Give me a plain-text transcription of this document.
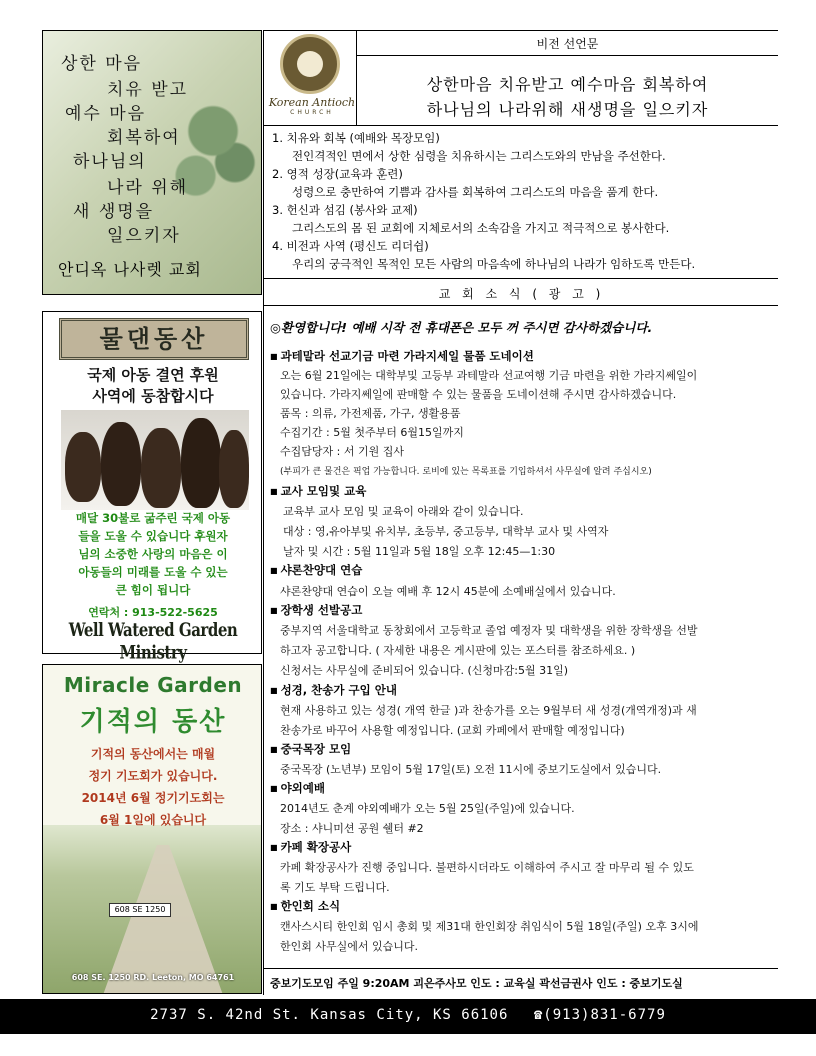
상한 마음
치유 받고
예수 마음
회복하여
하나님의
나라 위해
새 생명을
일으키자
안디옥 나사렛 교회
Korean Antioch
CHURCH
비전 선언문
상한마음 치유받고 예수마음 회복하여
하나님의 나라위해 새생명을 일으키자
1. 치유와 회복 (예배와 목장모임)
전인격적인 면에서 상한 심령을 치유하시는 그리스도와의 만남을 주선한다.
2. 영적 성장(교육과 훈련)
성령으로 충만하여 기쁨과 감사를 회복하여 그리스도의 마음을 품게 한다.
3. 헌신과 섬김 (봉사와 교제)
그리스도의 몸 된 교회에 지체로서의 소속감을 가지고 적극적으로 봉사한다.
4. 비전과 사역 (평신도 리더쉽)
우리의 궁극적인 목적인 모든 사람의 마음속에 하나님의 나라가 임하도록 만든다.
교 회 소 식 ( 광 고 )
◎환영합니다! 예배 시작 전 휴대폰은 모두 꺼 주시면 감사하겠습니다.
■ 과테말라 선교기금 마련 가라지세일 물품 도네이션
오는 6월 21일에는 대학부및 고등부 과테말라 선교여행 기금 마련을 위한 가라지쎄일이
있습니다. 가라지쎄일에 판매할 수 있는 물품을 도네이션해 주시면 감사하겠습니다.
품목 : 의류, 가전제품, 가구, 생활용품
수집기간 : 5월 첫주부터 6월15일까지
수집담당자 : 서 기원 집사
(부피가 큰 물건은 픽업 가능합니다. 로비에 있는 목록표를 기입하셔서 사무실에 알려 주십시오)
■ 교사 모임및 교육
교육부 교사 모임 및 교육이 아래와 같이 있습니다.
대상 : 영,유아부및 유치부, 초등부, 중고등부, 대학부 교사 및 사역자
날자 및 시간 : 5월 11일과 5월 18일 오후 12:45—1:30
■ 샤론찬양대 연습
샤론찬양대 연습이 오늘 예배 후 12시 45분에 소예배실에서 있습니다.
■ 장학생 선발공고
중부지역 서울대학교 동창회에서 고등학교 졸업 예정자 및 대학생을 위한 장학생을 선발
하고자 공고합니다. ( 자세한 내용은 게시판에 있는 포스터를 참조하세요. )
신청서는 사무실에 준비되어 있습니다. (신청마감:5월 31일)
■ 성경, 찬송가 구입 안내
현재 사용하고 있는 성경( 개역 한글 )과 찬송가를 오는 9월부터 새 성경(개역개정)과 새
찬송가로 바꾸어 사용할 예정입니다. (교회 카페에서 판매할 예정입니다)
■ 중국목장 모임
중국목장 (노년부) 모임이 5월 17일(토) 오전 11시에 중보기도실에서 있습니다.
■ 야외예배
2014년도 춘계 야외예배가 오는 5월 25일(주일)에 있습니다.
장소 : 샤니미션 공원 쉘터 #2
■ 카페 확장공사
카페 확장공사가 진행 중입니다. 불편하시더라도 이해하여 주시고 잘 마무리 될 수 있도
록 기도 부탁 드립니다.
■ 한인회 소식
캔사스시티 한인회 임시 총회 및 제31대 한인회장 취임식이 5월 18일(주일) 오후 3시에
한인회 사무실에서 있습니다.
중보기도모임 주일 9:20AM 괴은주사모 인도 : 교육실 곽선금권사 인도 : 중보기도실
물댄동산
국제 아동 결연 후원
사역에 동참합시다
매달 30불로 굶주린 국제 아동
들을 도울 수 있습니다 후원자
님의 소중한 사랑의 마음은 이
아동들의 미래를 도울 수 있는
큰 힘이 됩니다
연락처 : 913-522-5625
Well Watered Garden Ministry
Miracle Garden
기적의 동산
기적의 동산에서는 매월
정기 기도회가 있습니다.
2014년 6월 정기기도회는
6월 1일에 있습니다
608 SE 1250
608 SE. 1250 RD. Leeton, MO 64761
2737 S. 42nd St. Kansas City, KS 66106 ☎(913)831-6779
